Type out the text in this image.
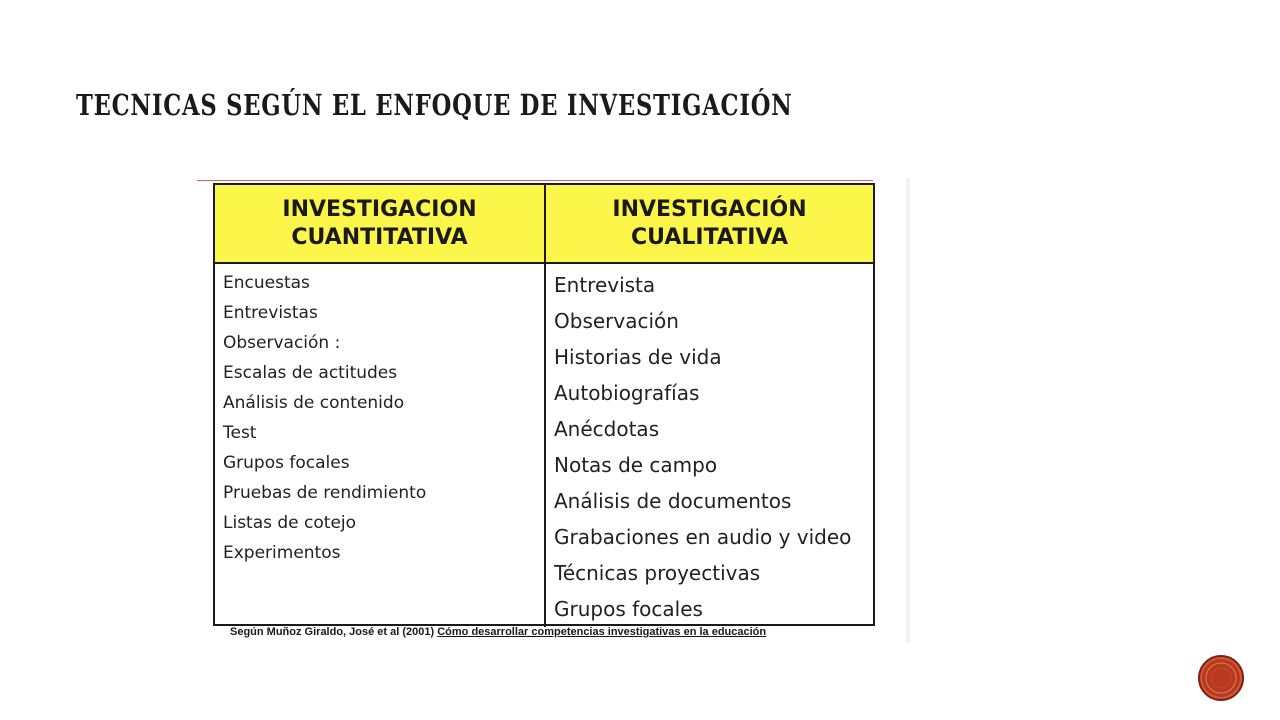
TECNICAS SEGÚN EL ENFOQUE DE INVESTIGACIÓN
INVESTIGACION CUANTITATIVA
INVESTIGACIÓN CUALITATIVA
Encuestas
Entrevistas
Observación :
Escalas de actitudes
Análisis de contenido
Test
Grupos focales
Pruebas de rendimiento
Listas de cotejo
Experimentos
Entrevista
Observación
Historias de vida
Autobiografías
Anécdotas
Notas de campo
Análisis de documentos
Grabaciones en audio y video
Técnicas proyectivas
Grupos focales
Según Muñoz Giraldo, José et al (2001) Cómo desarrollar competencias investigativas en la educación
